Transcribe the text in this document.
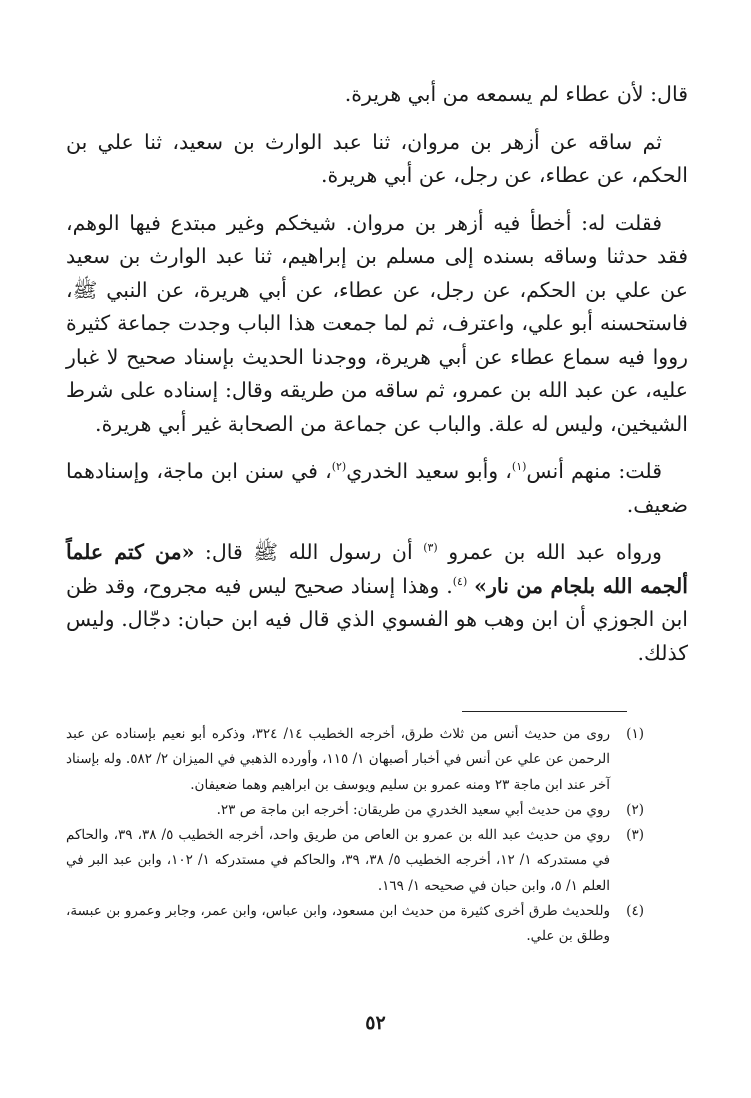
قال: لأن عطاء لم يسمعه من أبي هريرة.

ثم ساقه عن أزهر بن مروان، ثنا عبد الوارث بن سعيد، ثنا علي بن الحكم، عن عطاء، عن رجل، عن أبي هريرة.

فقلت له: أخطأ فيه أزهر بن مروان. شيخكم وغير مبتدع فيها الوهم، فقد حدثنا وساقه بسنده إلى مسلم بن إبراهيم، ثنا عبد الوارث بن سعيد عن علي بن الحكم، عن رجل، عن عطاء، عن أبي هريرة، عن النبي ﷺ، فاستحسنه أبو علي، واعترف، ثم لما جمعت هذا الباب وجدت جماعة كثيرة رووا فيه سماع عطاء عن أبي هريرة، ووجدنا الحديث بإسناد صحيح لا غبار عليه، عن عبد الله بن عمرو، ثم ساقه من طريقه وقال: إسناده على شرط الشيخين، وليس له علة. والباب عن جماعة من الصحابة غير أبي هريرة.

قلت: منهم أنس$^{(١)}$، وأبو سعيد الخدري$^{(٢)}$، في سنن ابن ماجة، وإسنادهما ضعيف.

ورواه عبد الله بن عمرو $^{(٣)}$ أن رسول الله ﷺ قال: «من كتم علماً ألجمه الله بلجام من نار» $^{(٤)}$. وهذا إسناد صحيح ليس فيه مجروح، وقد ظن ابن الجوزي أن ابن وهب هو الفسوي الذي قال فيه ابن حبان: دجّال. وليس كذلك.

(١)
روى من حديث أنس من ثلاث طرق، أخرجه الخطيب ١٤/ ٣٢٤، وذكره أبو نعيم بإسناده عن عبد الرحمن عن علي عن أنس في أخبار أصبهان ١/ ١١٥، وأورده الذهبي في الميزان ٢/ ٥٨٢. وله بإسناد آخر عند ابن ماجة ٢٣ ومنه عمرو بن سليم ويوسف بن ابراهيم وهما ضعيفان.
(٢)
روي من حديث أبي سعيد الخدري من طريقان: أخرجه ابن ماجة ص ٢٣.
(٣)
روي من حديث عبد الله بن عمرو بن العاص من طريق واحد، أخرجه الخطيب ٥/ ٣٨، ٣٩، والحاكم في مستدركه ١/ ١٢، أخرجه الخطيب ٥/ ٣٨، ٣٩، والحاكم في مستدركه ١/ ١٠٢، وابن عبد البر في العلم ١/ ٥، وابن حبان في صحيحه ١/ ١٦٩.
(٤)
وللحديث طرق أخرى كثيرة من حديث ابن مسعود، وابن عباس، وابن عمر، وجابر وعمرو بن عبسة، وطلق بن علي.
٥٢
